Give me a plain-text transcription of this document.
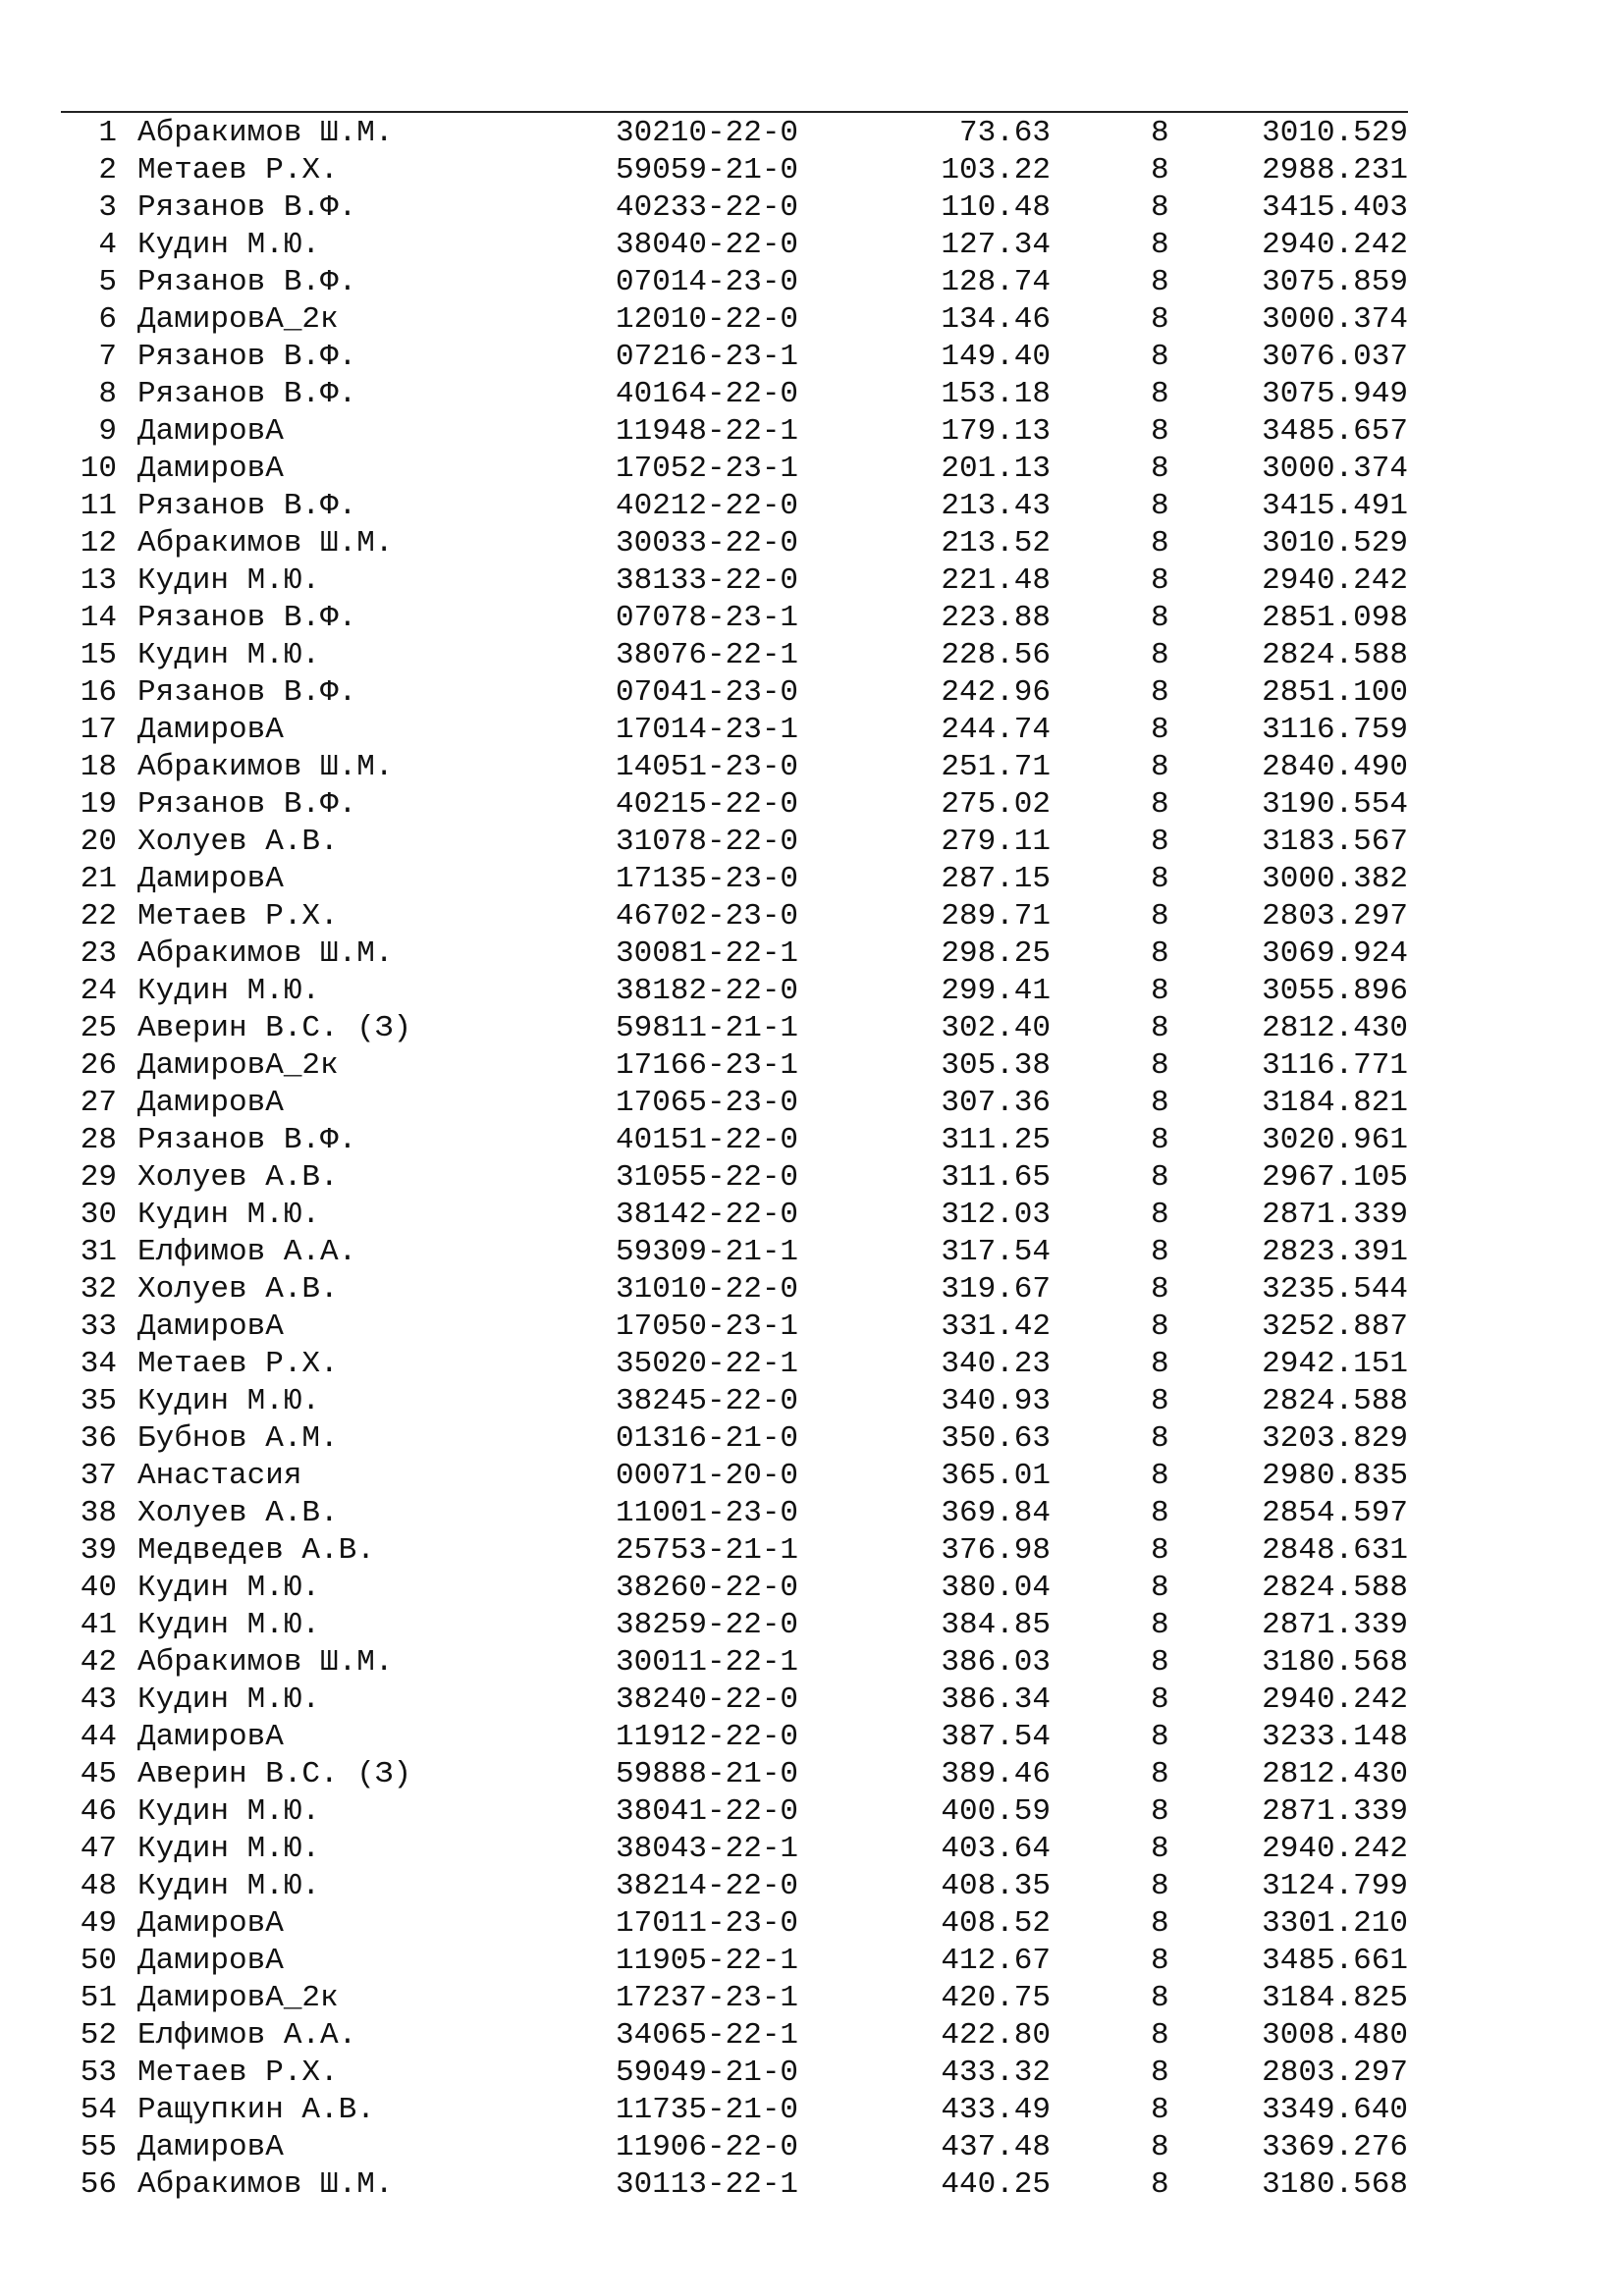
1 Абракимов Ш.М.	30210-22-0	73.63	8	3010.529
2 Метаев Р.Х.	59059-21-0	103.22	8	2988.231
3 Рязанов В.Ф.	40233-22-0	110.48	8	3415.403
4 Кудин М.Ю.	38040-22-0	127.34	8	2940.242
5 Рязанов В.Ф.	07014-23-0	128.74	8	3075.859
6 ДамировА_2к	12010-22-0	134.46	8	3000.374
7 Рязанов В.Ф.	07216-23-1	149.40	8	3076.037
8 Рязанов В.Ф.	40164-22-0	153.18	8	3075.949
9 ДамировА	11948-22-1	179.13	8	3485.657
10 ДамировА	17052-23-1	201.13	8	3000.374
11 Рязанов В.Ф.	40212-22-0	213.43	8	3415.491
12 Абракимов Ш.М.	30033-22-0	213.52	8	3010.529
13 Кудин М.Ю.	38133-22-0	221.48	8	2940.242
14 Рязанов В.Ф.	07078-23-1	223.88	8	2851.098
15 Кудин М.Ю.	38076-22-1	228.56	8	2824.588
16 Рязанов В.Ф.	07041-23-0	242.96	8	2851.100
17 ДамировА	17014-23-1	244.74	8	3116.759
18 Абракимов Ш.М.	14051-23-0	251.71	8	2840.490
19 Рязанов В.Ф.	40215-22-0	275.02	8	3190.554
20 Холуев А.В.	31078-22-0	279.11	8	3183.567
21 ДамировА	17135-23-0	287.15	8	3000.382
22 Метаев Р.Х.	46702-23-0	289.71	8	2803.297
23 Абракимов Ш.М.	30081-22-1	298.25	8	3069.924
24 Кудин М.Ю.	38182-22-0	299.41	8	3055.896
25 Аверин В.С. (З)	59811-21-1	302.40	8	2812.430
26 ДамировА_2к	17166-23-1	305.38	8	3116.771
27 ДамировА	17065-23-0	307.36	8	3184.821
28 Рязанов В.Ф.	40151-22-0	311.25	8	3020.961
29 Холуев А.В.	31055-22-0	311.65	8	2967.105
30 Кудин М.Ю.	38142-22-0	312.03	8	2871.339
31 Елфимов А.А.	59309-21-1	317.54	8	2823.391
32 Холуев А.В.	31010-22-0	319.67	8	3235.544
33 ДамировА	17050-23-1	331.42	8	3252.887
34 Метаев Р.Х.	35020-22-1	340.23	8	2942.151
35 Кудин М.Ю.	38245-22-0	340.93	8	2824.588
36 Бубнов А.М.	01316-21-0	350.63	8	3203.829
37 Анастасия	00071-20-0	365.01	8	2980.835
38 Холуев А.В.	11001-23-0	369.84	8	2854.597
39 Медведев А.В.	25753-21-1	376.98	8	2848.631
40 Кудин М.Ю.	38260-22-0	380.04	8	2824.588
41 Кудин М.Ю.	38259-22-0	384.85	8	2871.339
42 Абракимов Ш.М.	30011-22-1	386.03	8	3180.568
43 Кудин М.Ю.	38240-22-0	386.34	8	2940.242
44 ДамировА	11912-22-0	387.54	8	3233.148
45 Аверин В.С. (З)	59888-21-0	389.46	8	2812.430
46 Кудин М.Ю.	38041-22-0	400.59	8	2871.339
47 Кудин М.Ю.	38043-22-1	403.64	8	2940.242
48 Кудин М.Ю.	38214-22-0	408.35	8	3124.799
49 ДамировА	17011-23-0	408.52	8	3301.210
50 ДамировА	11905-22-1	412.67	8	3485.661
51 ДамировА_2к	17237-23-1	420.75	8	3184.825
52 Елфимов А.А.	34065-22-1	422.80	8	3008.480
53 Метаев Р.Х.	59049-21-0	433.32	8	2803.297
54 Ращупкин А.В.	11735-21-0	433.49	8	3349.640
55 ДамировА	11906-22-0	437.48	8	3369.276
56 Абракимов Ш.М.	30113-22-1	440.25	8	3180.568
